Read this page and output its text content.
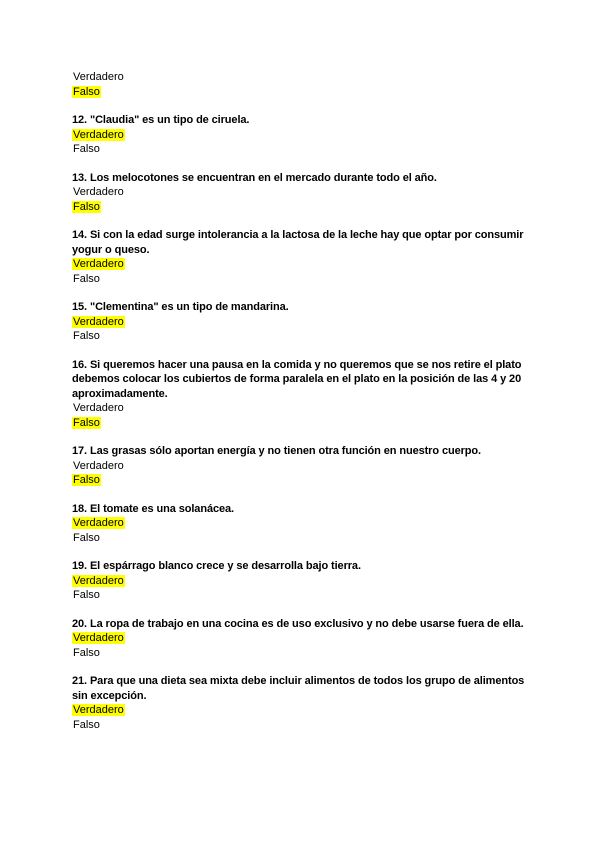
Verdadero
Falso
12. "Claudia" es un tipo de ciruela.
Verdadero
Falso
13. Los melocotones se encuentran en el mercado durante todo el año.
Verdadero
Falso
14. Si con la edad surge intolerancia a la lactosa de la leche hay que optar por consumir yogur o queso.
Verdadero
Falso
15. "Clementina" es un tipo de mandarina.
Verdadero
Falso
16. Si queremos hacer una pausa en la comida y no queremos que se nos retire el plato debemos colocar los cubiertos de forma paralela en el plato en la posición de las 4 y 20 aproximadamente.
Verdadero
Falso
17. Las grasas sólo aportan energía y no tienen otra función en nuestro cuerpo.
Verdadero
Falso
18. El tomate es una solanácea.
Verdadero
Falso
19. El espárrago blanco crece y se desarrolla bajo tierra.
Verdadero
Falso
20. La ropa de trabajo en una cocina es de uso exclusivo y no debe usarse fuera de ella.
Verdadero
Falso
21. Para que una dieta sea mixta debe incluir alimentos de todos los grupo de alimentos sin excepción.
Verdadero
Falso
